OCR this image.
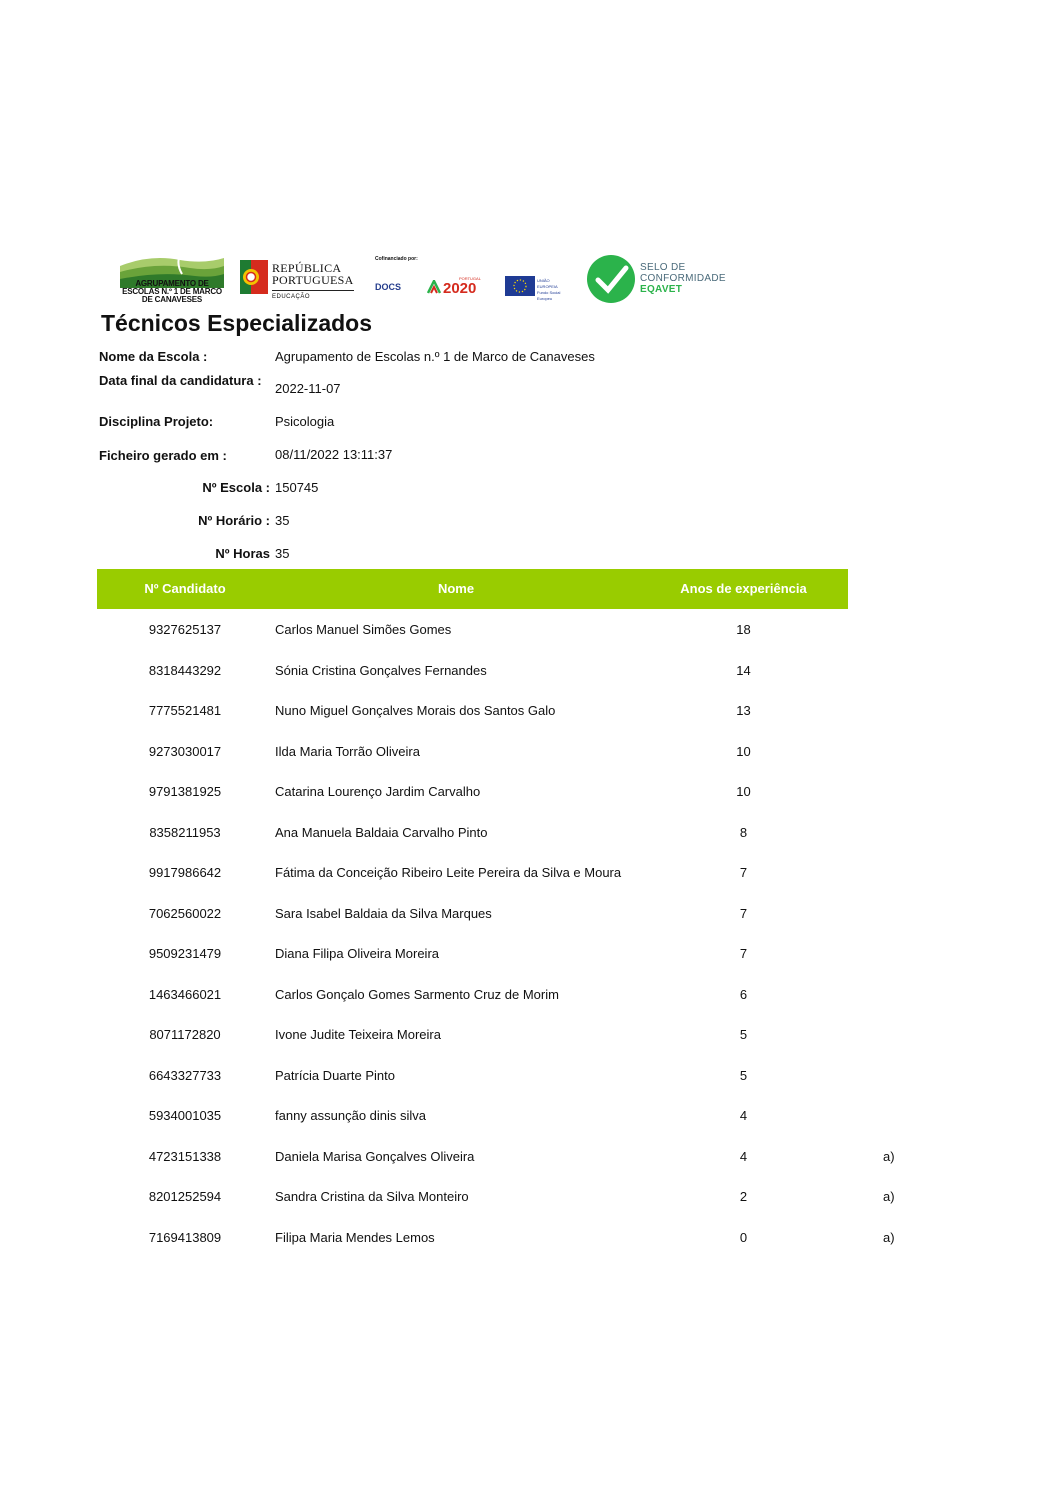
AGRUPAMENTO DE ESCOLAS N.º 1 DE MARCO DE CANAVESES
REPÚBLICA PORTUGUESA
EDUCAÇÃO
Cofinanciado por:
DOCS
PORTUGAL
2020	UNIÃO EUROPEIA Fundo Social Europeu
SELO DE
CONFORMIDADE
EQAVET
Técnicos Especializados
Nome da Escola :	Agrupamento de Escolas n.º 1 de Marco de Canaveses
Data final da candidatura :
2022-11-07
Disciplina Projeto:	Psicologia
Ficheiro gerado em :	08/11/2022 13:11:37
Nº Escola : 150745
Nº Horário : 35
Nº Horas 35
Nº Candidato	Nome	Anos de experiência
9327625137	Carlos Manuel Simões Gomes	18
8318443292	Sónia Cristina Gonçalves Fernandes	14
7775521481	Nuno Miguel Gonçalves Morais dos Santos Galo	13
9273030017	Ilda Maria Torrão Oliveira	10
9791381925	Catarina Lourenço Jardim Carvalho	10
8358211953	Ana Manuela Baldaia Carvalho Pinto	8
9917986642	Fátima da Conceição Ribeiro Leite Pereira da Silva e Moura	7
7062560022	Sara Isabel Baldaia da Silva Marques	7
9509231479	Diana Filipa Oliveira Moreira	7
1463466021	Carlos Gonçalo Gomes Sarmento Cruz de Morim	6
8071172820	Ivone Judite Teixeira Moreira	5
6643327733	Patrícia Duarte Pinto	5
5934001035	fanny assunção dinis silva	4
4723151338	Daniela Marisa Gonçalves Oliveira	4	a)
8201252594	Sandra Cristina da Silva Monteiro	2	a)
7169413809	Filipa Maria Mendes Lemos	0	a)
